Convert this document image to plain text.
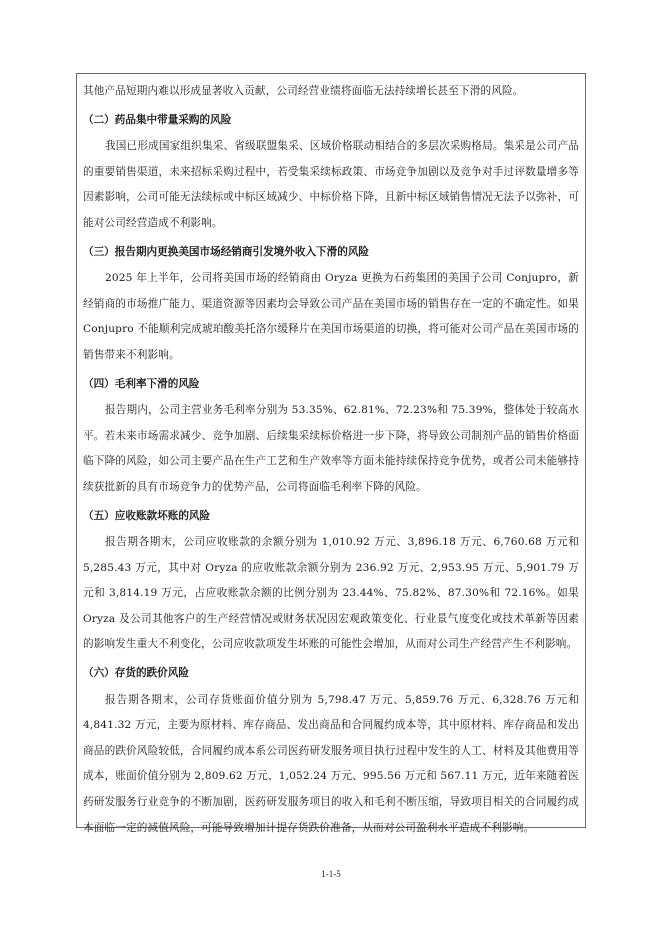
其他产品短期内难以形成显著收入贡献，公司经营业绩将面临无法持续增长甚至下滑的风险。

（二）药品集中带量采购的风险

我国已形成国家组织集采、省级联盟集采、区域价格联动相结合的多层次采购格局。集采是公司产品的重要销售渠道，未来招标采购过程中，若受集采续标政策、市场竞争加剧以及竞争对手过评数量增多等因素影响，公司可能无法续标或中标区域减少、中标价格下降，且新中标区域销售情况无法予以弥补，可能对公司经营造成不利影响。

（三）报告期内更换美国市场经销商引发境外收入下滑的风险

2025 年上半年，公司将美国市场的经销商由 Oryza 更换为石药集团的美国子公司 Conjupro，新经销商的市场推广能力、渠道资源等因素均会导致公司产品在美国市场的销售存在一定的不确定性。如果 Conjupro 不能顺利完成琥珀酸美托洛尔缓释片在美国市场渠道的切换，将可能对公司产品在美国市场的销售带来不利影响。

（四）毛利率下滑的风险

报告期内，公司主营业务毛利率分别为 53.35%、62.81%、72.23%和 75.39%，整体处于较高水平。若未来市场需求减少、竞争加剧、后续集采续标价格进一步下降，将导致公司制剂产品的销售价格面临下降的风险，如公司主要产品在生产工艺和生产效率等方面未能持续保持竞争优势，或者公司未能够持续获批新的具有市场竞争力的优势产品，公司将面临毛利率下降的风险。

（五）应收账款坏账的风险

报告期各期末，公司应收账款的余额分别为 1,010.92 万元、3,896.18 万元、6,760.68 万元和 5,285.43 万元，其中对 Oryza 的应收账款余额分别为 236.92 万元、2,953.95 万元、5,901.79 万元和 3,814.19 万元，占应收账款余额的比例分别为 23.44%、75.82%、87.30%和 72.16%。如果 Oryza 及公司其他客户的生产经营情况或财务状况因宏观政策变化、行业景气度变化或技术革新等因素的影响发生重大不利变化，公司应收款项发生坏账的可能性会增加，从而对公司生产经营产生不利影响。

（六）存货的跌价风险

报告期各期末，公司存货账面价值分别为 5,798.47 万元、5,859.76 万元、6,328.76 万元和 4,841.32 万元，主要为原材料、库存商品、发出商品和合同履约成本等，其中原材料、库存商品和发出商品的跌价风险较低，合同履约成本系公司医药研发服务项目执行过程中发生的人工、材料及其他费用等成本，账面价值分别为 2,809.62 万元、1,052.24 万元、995.56 万元和 567.11 万元，近年来随着医药研发服务行业竞争的不断加剧，医药研发服务项目的收入和毛利不断压缩，导致项目相关的合同履约成本面临一定的减值风险，可能导致增加计提存货跌价准备，从而对公司盈利水平造成不利影响。

1-1-5
